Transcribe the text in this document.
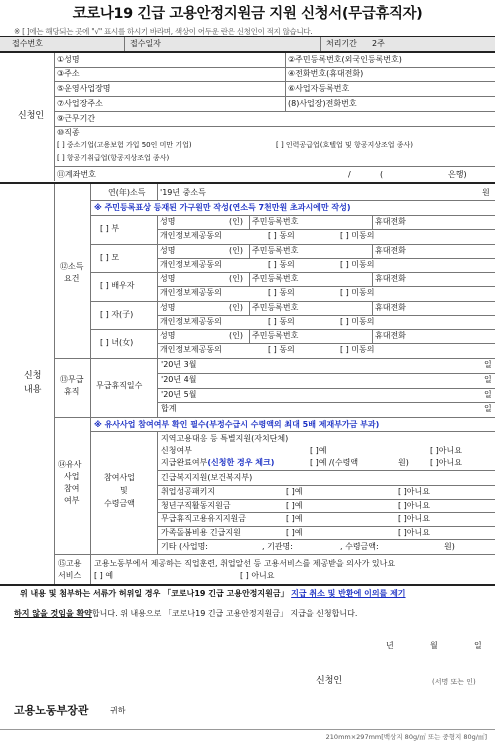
코로나19 긴급 고용안정지원금 지원 신청서(무급휴직자)
※ [ ]에는 해당되는 곳에 "√" 표시를 하시기 바라며, 색상이 어두운 란은 신청인이 적지 않습니다.
접수번호	접수일자	처리기간 2주
신청인
①성명	②주민등록번호(외국인등록번호)
③주소	④전화번호(휴대전화)
⑤운영사업장명	⑥사업자등록번호
⑦사업장주소	(8)사업장)전화번호
⑨근무기간
⑩직종
[ ] 중소기업(고용보험 가입 50인 미만 기업)	[ ] 인력공급업(호텔업 및 항공지상조업 종사)
[ ] 항공기취급업(항공지상조업 종사)
⑪계좌번호	/	(	은행)
신청
내용
⑫소득
요건
연(年)소득 '19년 중소득	원
※ 주민등록표상 등재된 가구원만 작성(연소득 7천만원 초과시에만 작성)
[ ] 부
성명	(인) 주민등록번호	휴대전화
개인정보제공동의	[ ] 동의	[ ] 미동의
[ ] 모
성명	(인) 주민등록번호	휴대전화
개인정보제공동의	[ ] 동의	[ ] 미동의
[ ] 배우자
성명	(인) 주민등록번호	휴대전화
개인정보제공동의	[ ] 동의	[ ] 미동의
[ ] 자(子)
성명	(인) 주민등록번호	휴대전화
개인정보제공동의	[ ] 동의	[ ] 미동의
[ ] 녀(女)
성명	(인) 주민등록번호	휴대전화
개인정보제공동의	[ ] 동의	[ ] 미동의
⑬무급
휴직
무급휴직일수
'20년 3월	일
'20년 4월	일
'20년 5월	일
합계	일
※ 유사사업 참여여부 확인 필수(부정수급시 수령액의 최대 5배 제재부가금 부과)
⑭유사
사업
참여
여부
참여사업
및
수령금액
지역고용대응 등 특별지원(자치단체)
신청여부	[ ]예	[ ]아니요
지급완료여부(신청한 경우 체크)	[ ]예 /(수령액	원)	[ ]아니요
긴급복지지원(보건복지부)
취업성공패키지	[ ]예	[ ]아니요
청년구직활동지원금	[ ]예	[ ]아니요
무급휴직고용유지지원금	[ ]예	[ ]아니요
가족돌봄비용 긴급지원	[ ]예	[ ]아니요
기타 (사업명:	, 기관명:	, 수령금액:	원)
⑮고용
서비스
고용노동부에서 제공하는 직업훈련, 취업알선 등 고용서비스를 제공받을 의사가 있나요
[ ] 예	[ ] 아니요
위 내용 및 첨부하는 서류가 허위일 경우 「코로나19 긴급 고용안정지원금」 지급 취소 및 반환에 이의를 제기
하지 않을 것임을 확약합니다. 위 내용으로 「코로나19 긴급 고용안정지원금」 지급을 신청합니다.
년	월	일
신청인	(서명 또는 인)
고용노동부장관	귀하
210mm×297mm[백상지 80g/㎡ 또는 중형지 80g/㎡]
